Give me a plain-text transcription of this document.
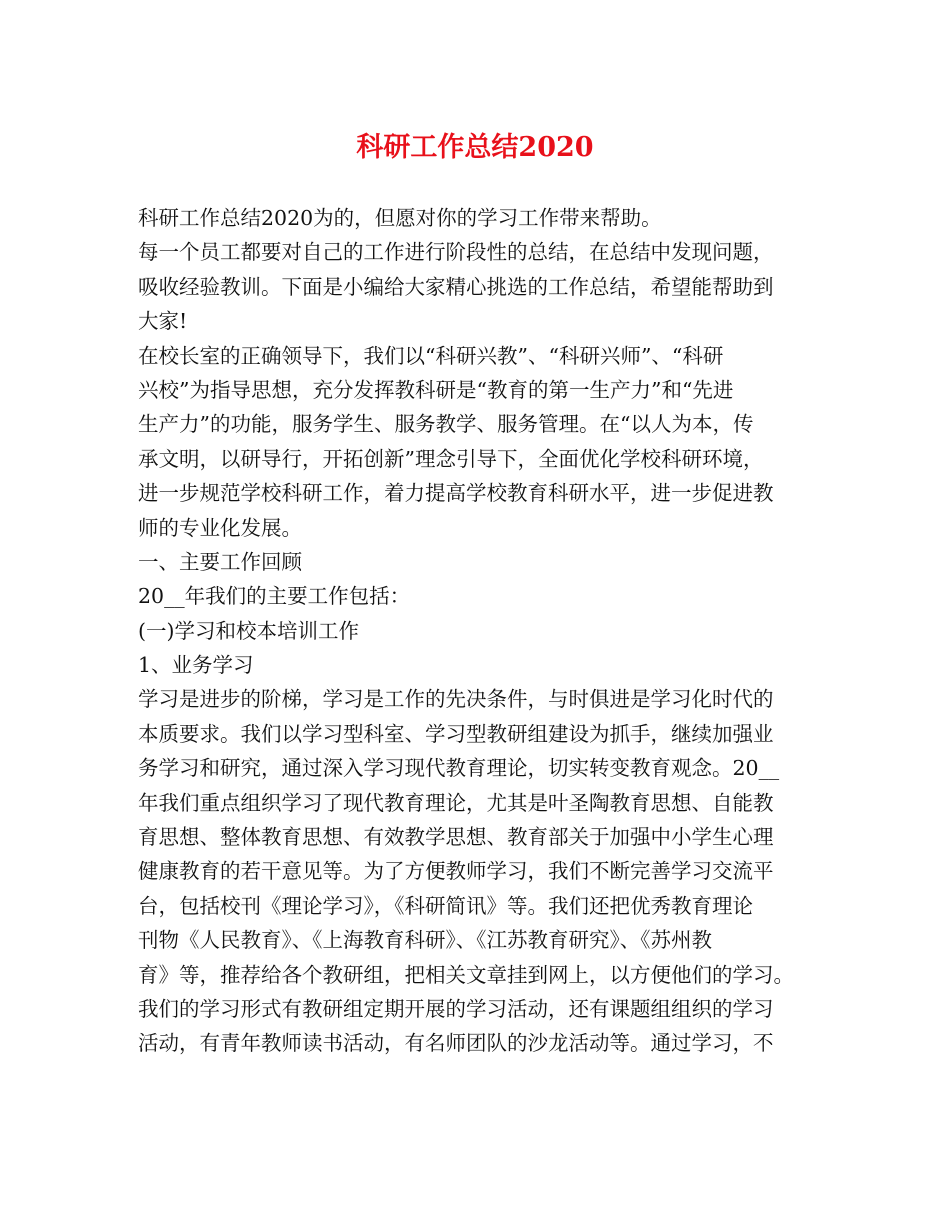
科研工作总结2020
科研工作总结2020为的，但愿对你的学习工作带来帮助。
每一个员工都要对自己的工作进行阶段性的总结，在总结中发现问题，
吸收经验教训。下面是小编给大家精心挑选的工作总结，希望能帮助到
大家!
在校长室的正确领导下，我们以“科研兴教”、“科研兴师”、“科研
兴校”为指导思想，充分发挥教科研是“教育的第一生产力”和“先进
生产力”的功能，服务学生、服务教学、服务管理。在“以人为本，传
承文明，以研导行，开拓创新”理念引导下，全面优化学校科研环境，
进一步规范学校科研工作，着力提高学校教育科研水平，进一步促进教
师的专业化发展。
一、主要工作回顾
20__年我们的主要工作包括：
(一)学习和校本培训工作
1、业务学习
学习是进步的阶梯，学习是工作的先决条件，与时俱进是学习化时代的
本质要求。我们以学习型科室、学习型教研组建设为抓手，继续加强业
务学习和研究，通过深入学习现代教育理论，切实转变教育观念。20__
年我们重点组织学习了现代教育理论，尤其是叶圣陶教育思想、自能教
育思想、整体教育思想、有效教学思想、教育部关于加强中小学生心理
健康教育的若干意见等。为了方便教师学习，我们不断完善学习交流平
台，包括校刊《理论学习》，《科研简讯》等。我们还把优秀教育理论
刊物《人民教育》、《上海教育科研》、《江苏教育研究》、《苏州教
育》等，推荐给各个教研组，把相关文章挂到网上，以方便他们的学习。
我们的学习形式有教研组定期开展的学习活动，还有课题组组织的学习
活动，有青年教师读书活动，有名师团队的沙龙活动等。通过学习，不
